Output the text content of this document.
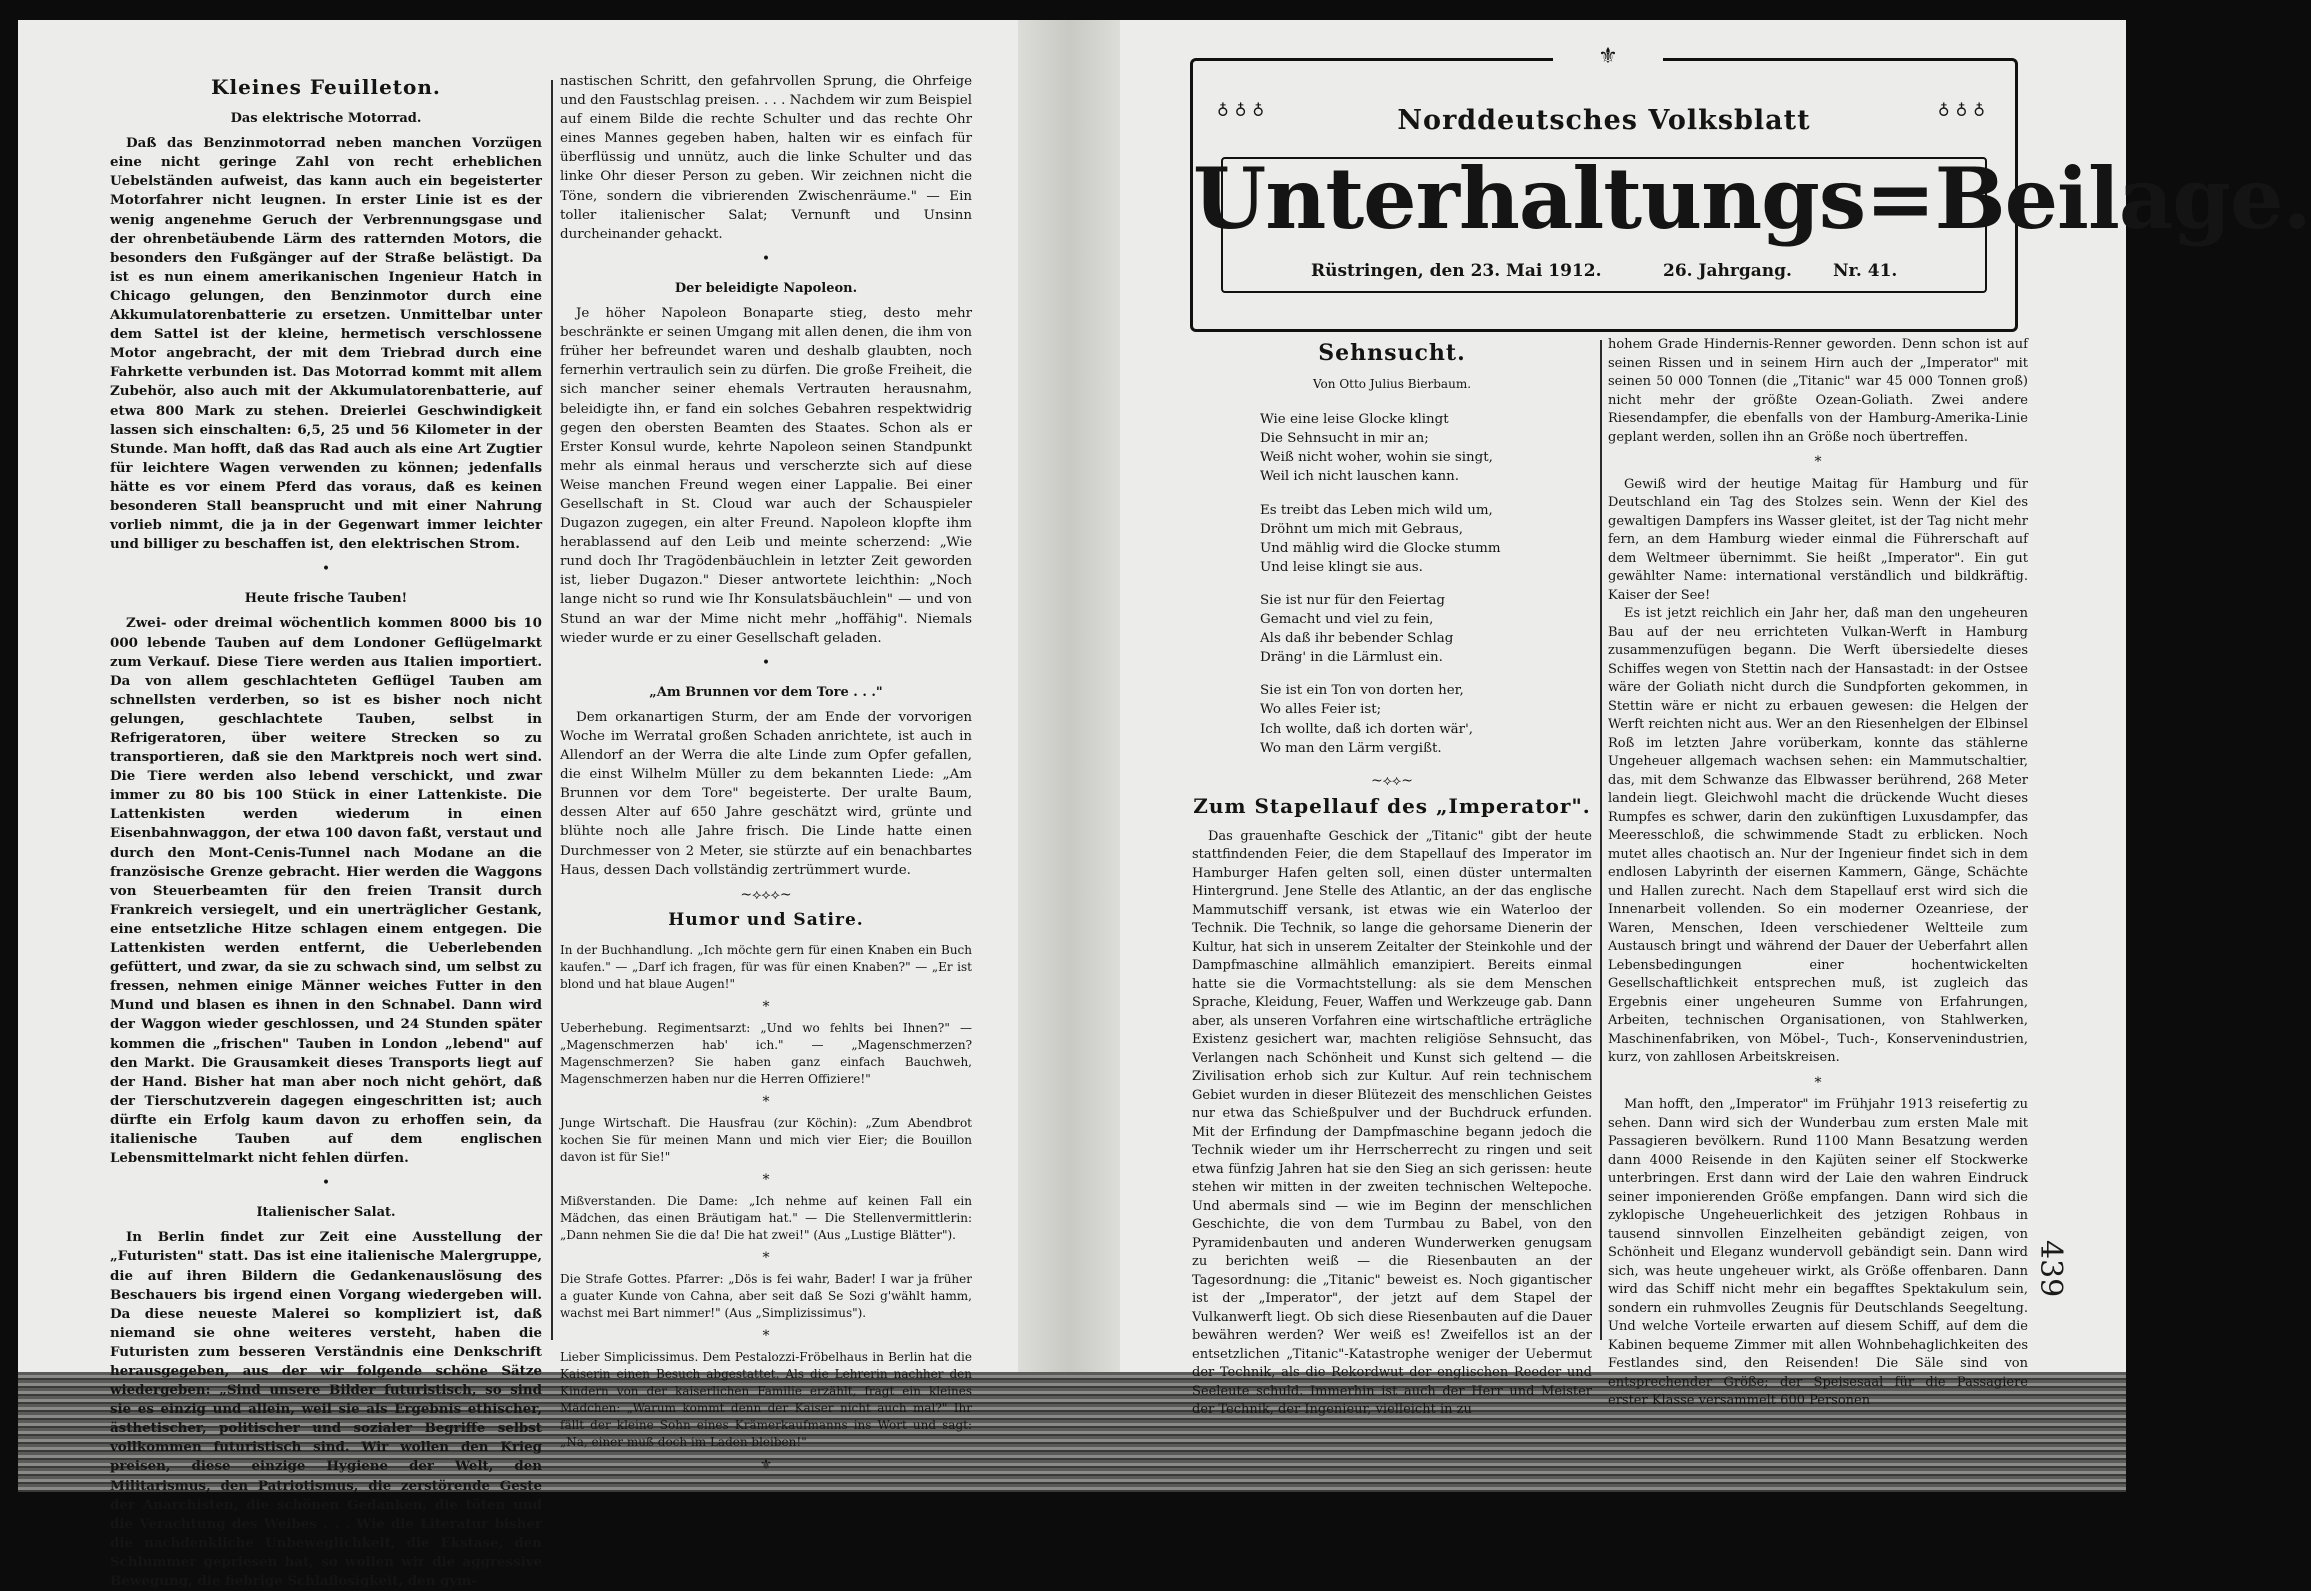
Kleines Feuilleton.
Das elektrische Motorrad.

Daß das Benzinmotorrad neben manchen Vorzügen eine nicht geringe Zahl von recht erheblichen Uebelständen aufweist, das kann auch ein begeisterter Motorfahrer nicht leugnen. In erster Linie ist es der wenig angenehme Geruch der Verbrennungsgase und der ohrenbetäubende Lärm des ratternden Motors, die besonders den Fußgänger auf der Straße belästigt. Da ist es nun einem amerikanischen Ingenieur Hatch in Chicago gelungen, den Benzinmotor durch eine Akkumulatorenbatterie zu ersetzen. Unmittelbar unter dem Sattel ist der kleine, hermetisch verschlossene Motor angebracht, der mit dem Triebrad durch eine Fahrkette verbunden ist. Das Motorrad kommt mit allem Zubehör, also auch mit der Akkumulatorenbatterie, auf etwa 800 Mark zu stehen. Dreierlei Geschwindigkeit lassen sich einschalten: 6,5, 25 und 56 Kilometer in der Stunde. Man hofft, daß das Rad auch als eine Art Zugtier für leichtere Wagen verwenden zu können; jedenfalls hätte es vor einem Pferd das voraus, daß es keinen besonderen Stall beansprucht und mit einer Nahrung vorlieb nimmt, die ja in der Gegenwart immer leichter und billiger zu beschaffen ist, den elektrischen Strom.

•
Heute frische Tauben!

Zwei- oder dreimal wöchentlich kommen 8000 bis 10 000 lebende Tauben auf dem Londoner Geflügelmarkt zum Verkauf. Diese Tiere werden aus Italien importiert. Da von allem geschlachteten Geflügel Tauben am schnellsten verderben, so ist es bisher noch nicht gelungen, geschlachtete Tauben, selbst in Refrigeratoren, über weitere Strecken so zu transportieren, daß sie den Marktpreis noch wert sind. Die Tiere werden also lebend verschickt, und zwar immer zu 80 bis 100 Stück in einer Lattenkiste. Die Lattenkisten werden wiederum in einen Eisenbahnwaggon, der etwa 100 davon faßt, verstaut und durch den Mont-Cenis-Tunnel nach Modane an die französische Grenze gebracht. Hier werden die Waggons von Steuerbeamten für den freien Transit durch Frankreich versiegelt, und ein unerträglicher Gestank, eine entsetzliche Hitze schlagen einem entgegen. Die Lattenkisten werden entfernt, die Ueberlebenden gefüttert, und zwar, da sie zu schwach sind, um selbst zu fressen, nehmen einige Männer weiches Futter in den Mund und blasen es ihnen in den Schnabel. Dann wird der Waggon wieder geschlossen, und 24 Stunden später kommen die „frischen" Tauben in London „lebend" auf den Markt. Die Grausamkeit dieses Transports liegt auf der Hand. Bisher hat man aber noch nicht gehört, daß der Tierschutzverein dagegen eingeschritten ist; auch dürfte ein Erfolg kaum davon zu erhoffen sein, da italienische Tauben auf dem englischen Lebensmittelmarkt nicht fehlen dürfen.

•
Italienischer Salat.

In Berlin findet zur Zeit eine Ausstellung der „Futuristen" statt. Das ist eine italienische Malergruppe, die auf ihren Bildern die Gedankenauslösung des Beschauers bis irgend einen Vorgang wiedergeben will. Da diese neueste Malerei so kompliziert ist, daß niemand sie ohne weiteres versteht, haben die Futuristen zum besseren Verständnis eine Denkschrift herausgegeben, aus der wir folgende schöne Sätze wiedergeben: „Sind unsere Bilder futuristisch, so sind sie es einzig und allein, weil sie als Ergebnis ethischer, ästhetischer, politischer und sozialer Begriffe selbst vollkommen futuristisch sind. Wir wollen den Krieg preisen, diese einzige Hygiene der Welt, den Militarismus, den Patriotismus, die zerstörende Geste der Anarchisten, die schönen Gedanken, die töten und die Verachtung des Weibes . . . Wie die Literatur bisher die nachdenkliche Unbeweglichkeit, die Ekstase, den Schlummer gepriesen hat, so wollen wir die aggressive Bewegung, die fiebrige Schlaflosigkeit, den gym-

nastischen Schritt, den gefahrvollen Sprung, die Ohrfeige und den Faustschlag preisen. . . . Nachdem wir zum Beispiel auf einem Bilde die rechte Schulter und das rechte Ohr eines Mannes gegeben haben, halten wir es einfach für überflüssig und unnütz, auch die linke Schulter und das linke Ohr dieser Person zu geben. Wir zeichnen nicht die Töne, sondern die vibrierenden Zwischenräume." — Ein toller italienischer Salat; Vernunft und Unsinn durcheinander gehackt.

•
Der beleidigte Napoleon.

Je höher Napoleon Bonaparte stieg, desto mehr beschränkte er seinen Umgang mit allen denen, die ihm von früher her befreundet waren und deshalb glaubten, noch fernerhin vertraulich sein zu dürfen. Die große Freiheit, die sich mancher seiner ehemals Vertrauten herausnahm, beleidigte ihn, er fand ein solches Gebahren respektwidrig gegen den obersten Beamten des Staates. Schon als er Erster Konsul wurde, kehrte Napoleon seinen Standpunkt mehr als einmal heraus und verscherzte sich auf diese Weise manchen Freund wegen einer Lappalie. Bei einer Gesellschaft in St. Cloud war auch der Schauspieler Dugazon zugegen, ein alter Freund. Napoleon klopfte ihm herablassend auf den Leib und meinte scherzend: „Wie rund doch Ihr Tragödenbäuchlein in letzter Zeit geworden ist, lieber Dugazon." Dieser antwortete leichthin: „Noch lange nicht so rund wie Ihr Konsulatsbäuchlein" — und von Stund an war der Mime nicht mehr „hoffähig". Niemals wieder wurde er zu einer Gesellschaft geladen.

•
„Am Brunnen vor dem Tore . . ."

Dem orkanartigen Sturm, der am Ende der vorvorigen Woche im Werratal großen Schaden anrichtete, ist auch in Allendorf an der Werra die alte Linde zum Opfer gefallen, die einst Wilhelm Müller zu dem bekannten Liede: „Am Brunnen vor dem Tore" begeisterte. Der uralte Baum, dessen Alter auf 650 Jahre geschätzt wird, grünte und blühte noch alle Jahre frisch. Die Linde hatte einen Durchmesser von 2 Meter, sie stürzte auf ein benachbartes Haus, dessen Dach vollständig zertrümmert wurde.

~⟡⟡⟡~
Humor und Satire.

In der Buchhandlung. „Ich möchte gern für einen Knaben ein Buch kaufen." — „Darf ich fragen, für was für einen Knaben?" — „Er ist blond und hat blaue Augen!"

*

Ueberhebung. Regimentsarzt: „Und wo fehlts bei Ihnen?" — „Magenschmerzen hab' ich." — „Magenschmerzen? Magenschmerzen? Sie haben ganz einfach Bauchweh, Magenschmerzen haben nur die Herren Offiziere!"

*

Junge Wirtschaft. Die Hausfrau (zur Köchin): „Zum Abendbrot kochen Sie für meinen Mann und mich vier Eier; die Bouillon davon ist für Sie!"

*

Mißverstanden. Die Dame: „Ich nehme auf keinen Fall ein Mädchen, das einen Bräutigam hat." — Die Stellenvermittlerin: „Dann nehmen Sie die da! Die hat zwei!" (Aus „Lustige Blätter").

*

Die Strafe Gottes. Pfarrer: „Dös is fei wahr, Bader! I war ja früher a guater Kunde von Cahna, aber seit daß Se Sozi g'wählt hamm, wachst mei Bart nimmer!" (Aus „Simplizissimus").

*

Lieber Simplicissimus. Dem Pestalozzi-Fröbelhaus in Berlin hat die Kaiserin einen Besuch abgestattet. Als die Lehrerin nachher den Kindern von der kaiserlichen Familie erzählt, fragt ein kleines Mädchen: „Warum kommt denn der Kaiser nicht auch mal?" Ihr fällt der kleine Sohn eines Krämerkaufmanns ins Wort und sagt: „Na, einer muß doch im Laden bleiben!"

⚜
⚜
♁♁♁	♁♁♁
Norddeutsches Volksblatt
Unterhaltungs=Beilage.
Rüstringen, den 23. Mai 1912.	26. Jahrgang. Nr. 41.
Sehnsucht.
Von Otto Julius Bierbaum.

Wie eine leise Glocke klingt

Die Sehnsucht in mir an;

Weiß nicht woher, wohin sie singt,

Weil ich nicht lauschen kann.

Es treibt das Leben mich wild um,

Dröhnt um mich mit Gebraus,

Und mählig wird die Glocke stumm

Und leise klingt sie aus.

Sie ist nur für den Feiertag

Gemacht und viel zu fein,

Als daß ihr bebender Schlag

Dräng' in die Lärmlust ein.

Sie ist ein Ton von dorten her,

Wo alles Feier ist;

Ich wollte, daß ich dorten wär',

Wo man den Lärm vergißt.

~⟡⟡~
Zum Stapellauf des „Imperator".

Das grauenhafte Geschick der „Titanic" gibt der heute stattfindenden Feier, die dem Stapellauf des Imperator im Hamburger Hafen gelten soll, einen düster untermalten Hintergrund. Jene Stelle des Atlantic, an der das englische Mammutschiff versank, ist etwas wie ein Waterloo der Technik. Die Technik, so lange die gehorsame Dienerin der Kultur, hat sich in unserem Zeitalter der Steinkohle und der Dampfmaschine allmählich emanzipiert. Bereits einmal hatte sie die Vormachtstellung: als sie dem Menschen Sprache, Kleidung, Feuer, Waffen und Werkzeuge gab. Dann aber, als unseren Vorfahren eine wirtschaftliche erträgliche Existenz gesichert war, machten religiöse Sehnsucht, das Verlangen nach Schönheit und Kunst sich geltend — die Zivilisation erhob sich zur Kultur. Auf rein technischem Gebiet wurden in dieser Blütezeit des menschlichen Geistes nur etwa das Schießpulver und der Buchdruck erfunden. Mit der Erfindung der Dampfmaschine begann jedoch die Technik wieder um ihr Herrscherrecht zu ringen und seit etwa fünfzig Jahren hat sie den Sieg an sich gerissen: heute stehen wir mitten in der zweiten technischen Weltepoche. Und abermals sind — wie im Beginn der menschlichen Geschichte, die von dem Turmbau zu Babel, von den Pyramidenbauten und anderen Wunderwerken genugsam zu berichten weiß — die Riesenbauten an der Tagesordnung: die „Titanic" beweist es. Noch gigantischer ist der „Imperator", der jetzt auf dem Stapel der Vulkanwerft liegt. Ob sich diese Riesenbauten auf die Dauer bewähren werden? Wer weiß es! Zweifellos ist an der entsetzlichen „Titanic"-Katastrophe weniger der Uebermut der Technik, als die Rekordwut der englischen Reeder und Seeleute schuld. Immerhin ist auch der Herr und Meister der Technik, der Ingenieur, vielleicht in zu

hohem Grade Hindernis-Renner geworden. Denn schon ist auf seinen Rissen und in seinem Hirn auch der „Imperator" mit seinen 50 000 Tonnen (die „Titanic" war 45 000 Tonnen groß) nicht mehr der größte Ozean-Goliath. Zwei andere Riesendampfer, die ebenfalls von der Hamburg-Amerika-Linie geplant werden, sollen ihn an Größe noch übertreffen.

*

Gewiß wird der heutige Maitag für Hamburg und für Deutschland ein Tag des Stolzes sein. Wenn der Kiel des gewaltigen Dampfers ins Wasser gleitet, ist der Tag nicht mehr fern, an dem Hamburg wieder einmal die Führerschaft auf dem Weltmeer übernimmt. Sie heißt „Imperator". Ein gut gewählter Name: international verständlich und bildkräftig. Kaiser der See!

Es ist jetzt reichlich ein Jahr her, daß man den ungeheuren Bau auf der neu errichteten Vulkan-Werft in Hamburg zusammenzufügen begann. Die Werft übersiedelte dieses Schiffes wegen von Stettin nach der Hansastadt: in der Ostsee wäre der Goliath nicht durch die Sundpforten gekommen, in Stettin wäre er nicht zu erbauen gewesen: die Helgen der Werft reichten nicht aus. Wer an den Riesenhelgen der Elbinsel Roß im letzten Jahre vorüberkam, konnte das stählerne Ungeheuer allgemach wachsen sehen: ein Mammutschaltier, das, mit dem Schwanze das Elbwasser berührend, 268 Meter landein liegt. Gleichwohl macht die drückende Wucht dieses Rumpfes es schwer, darin den zukünftigen Luxusdampfer, das Meeresschloß, die schwimmende Stadt zu erblicken. Noch mutet alles chaotisch an. Nur der Ingenieur findet sich in dem endlosen Labyrinth der eisernen Kammern, Gänge, Schächte und Hallen zurecht. Nach dem Stapellauf erst wird sich die Innenarbeit vollenden. So ein moderner Ozeanriese, der Waren, Menschen, Ideen verschiedener Weltteile zum Austausch bringt und während der Dauer der Ueberfahrt allen Lebensbedingungen einer hochentwickelten Gesellschaftlichkeit entsprechen muß, ist zugleich das Ergebnis einer ungeheuren Summe von Erfahrungen, Arbeiten, technischen Organisationen, von Stahlwerken, Maschinenfabriken, von Möbel-, Tuch-, Konservenindustrien, kurz, von zahllosen Arbeitskreisen.

*

Man hofft, den „Imperator" im Frühjahr 1913 reisefertig zu sehen. Dann wird sich der Wunderbau zum ersten Male mit Passagieren bevölkern. Rund 1100 Mann Besatzung werden dann 4000 Reisende in den Kajüten seiner elf Stockwerke unterbringen. Erst dann wird der Laie den wahren Eindruck seiner imponierenden Größe empfangen. Dann wird sich die zyklopische Ungeheuerlichkeit des jetzigen Rohbaus in tausend sinnvollen Einzelheiten gebändigt zeigen, von Schönheit und Eleganz wundervoll gebändigt sein. Dann wird sich, was heute ungeheuer wirkt, als Größe offenbaren. Dann wird das Schiff nicht mehr ein begafftes Spektakulum sein, sondern ein ruhmvolles Zeugnis für Deutschlands Seegeltung. Und welche Vorteile erwarten auf diesem Schiff, auf dem die Kabinen bequeme Zimmer mit allen Wohnbehaglichkeiten des Festlandes sind, den Reisenden! Die Säle sind von entsprechender Größe; der Speisesaal für die Passagiere erster Klasse versammelt 600 Personen

439
